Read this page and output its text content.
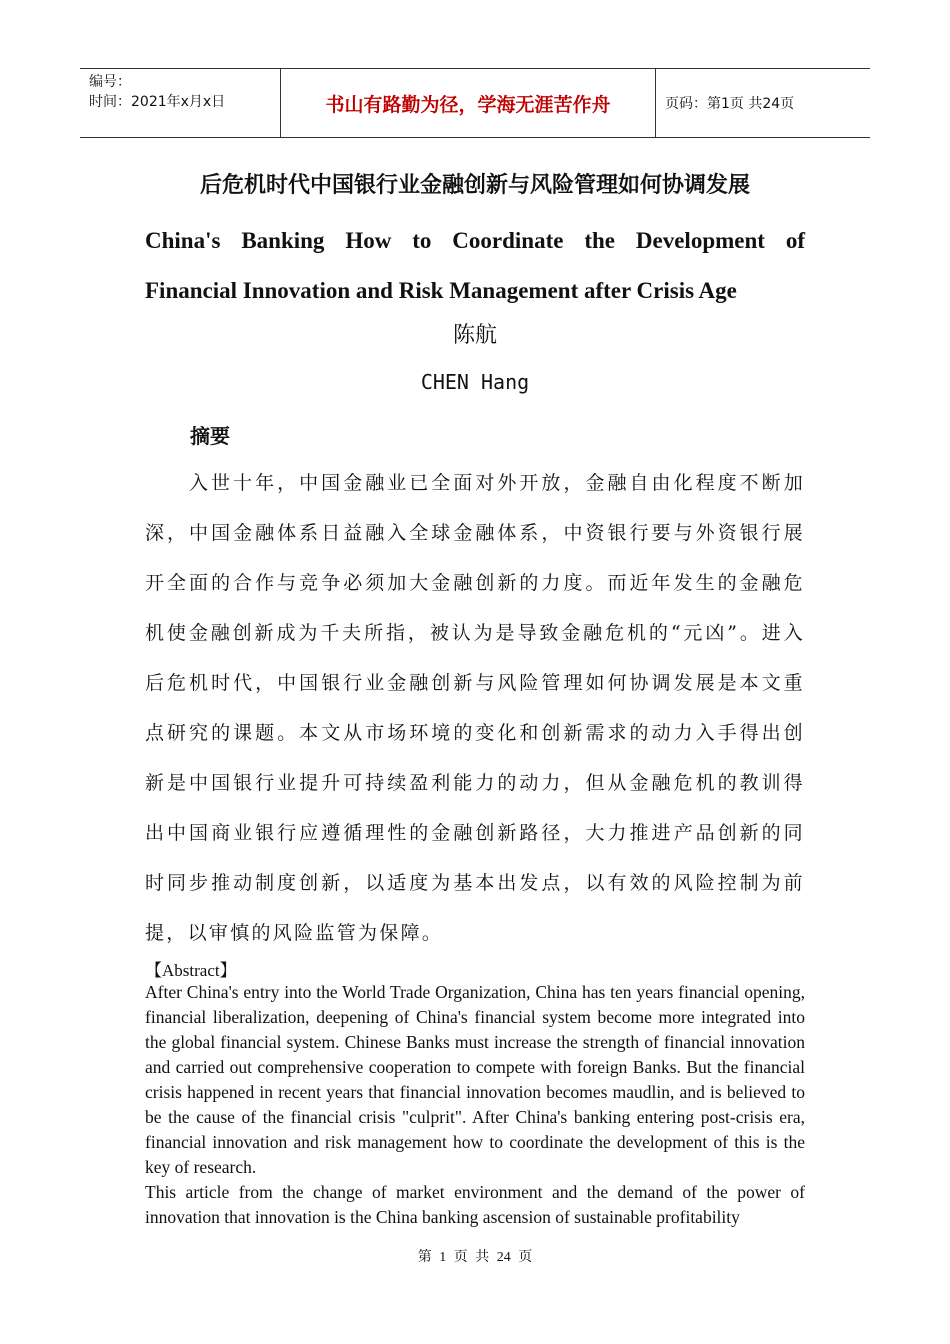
编号：
时间：2021年x月x日	书山有路勤为径，学海无涯苦作舟	页码：第1页 共24页
后危机时代中国银行业金融创新与风险管理如何协调发展
China's Banking How to Coordinate the Development of
Financial Innovation and Risk Management after Crisis Age
陈航
CHEN Hang
摘要
入世十年，中国金融业已全面对外开放，金融自由化程度不断加深，中国金融体系日益融入全球金融体系，中资银行要与外资银行展开全面的合作与竞争必须加大金融创新的力度。而近年发生的金融危机使金融创新成为千夫所指，被认为是导致金融危机的“元凶”。进入后危机时代，中国银行业金融创新与风险管理如何协调发展是本文重点研究的课题。本文从市场环境的变化和创新需求的动力入手得出创新是中国银行业提升可持续盈利能力的动力，但从金融危机的教训得出中国商业银行应遵循理性的金融创新路径，大力推进产品创新的同时同步推动制度创新，以适度为基本出发点，以有效的风险控制为前提，以审慎的风险监管为保障。
【Abstract】

After China's entry into the World Trade Organization, China has ten years financial opening, financial liberalization, deepening of China's financial system become more integrated into the global financial system. Chinese Banks must increase the strength of financial innovation and carried out comprehensive cooperation to compete with foreign Banks. But the financial crisis happened in recent years that financial innovation becomes maudlin, and is believed to be the cause of the financial crisis "culprit". After China's banking entering post-crisis era, financial innovation and risk management how to coordinate the development of this is the key of research.

This article from the change of market environment and the demand of the power of innovation that innovation is the China banking ascension of sustainable profitability

第 1 页 共 24 页
